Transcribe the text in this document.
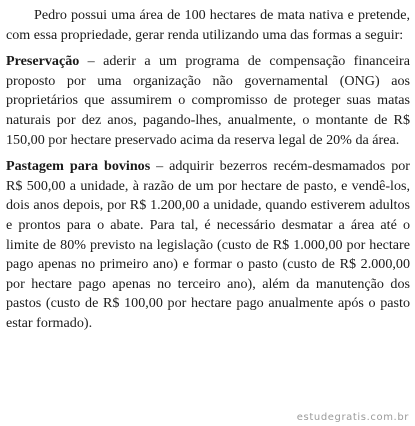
Pedro possui uma área de 100 hectares de mata nativa e pretende, com essa propriedade, gerar renda utilizando uma das formas a seguir:

Preservação – aderir a um programa de compensação financeira proposto por uma organização não governamental (ONG) aos proprietários que assumirem o compromisso de proteger suas matas naturais por dez anos, pagando-lhes, anualmente, o montante de R$ 150,00 por hectare preservado acima da reserva legal de 20% da área.

Pastagem para bovinos – adquirir bezerros recém-desmamados por R$ 500,00 a unidade, à razão de um por hectare de pasto, e vendê-los, dois anos depois, por R$ 1.200,00 a unidade, quando estiverem adultos e prontos para o abate. Para tal, é necessário desmatar a área até o limite de 80% previsto na legislação (custo de R$ 1.000,00 por hectare pago apenas no primeiro ano) e formar o pasto (custo de R$ 2.000,00 por hectare pago apenas no terceiro ano), além da manutenção dos pastos (custo de R$ 100,00 por hectare pago anualmente após o pasto estar formado).

estudegratis.com.br
